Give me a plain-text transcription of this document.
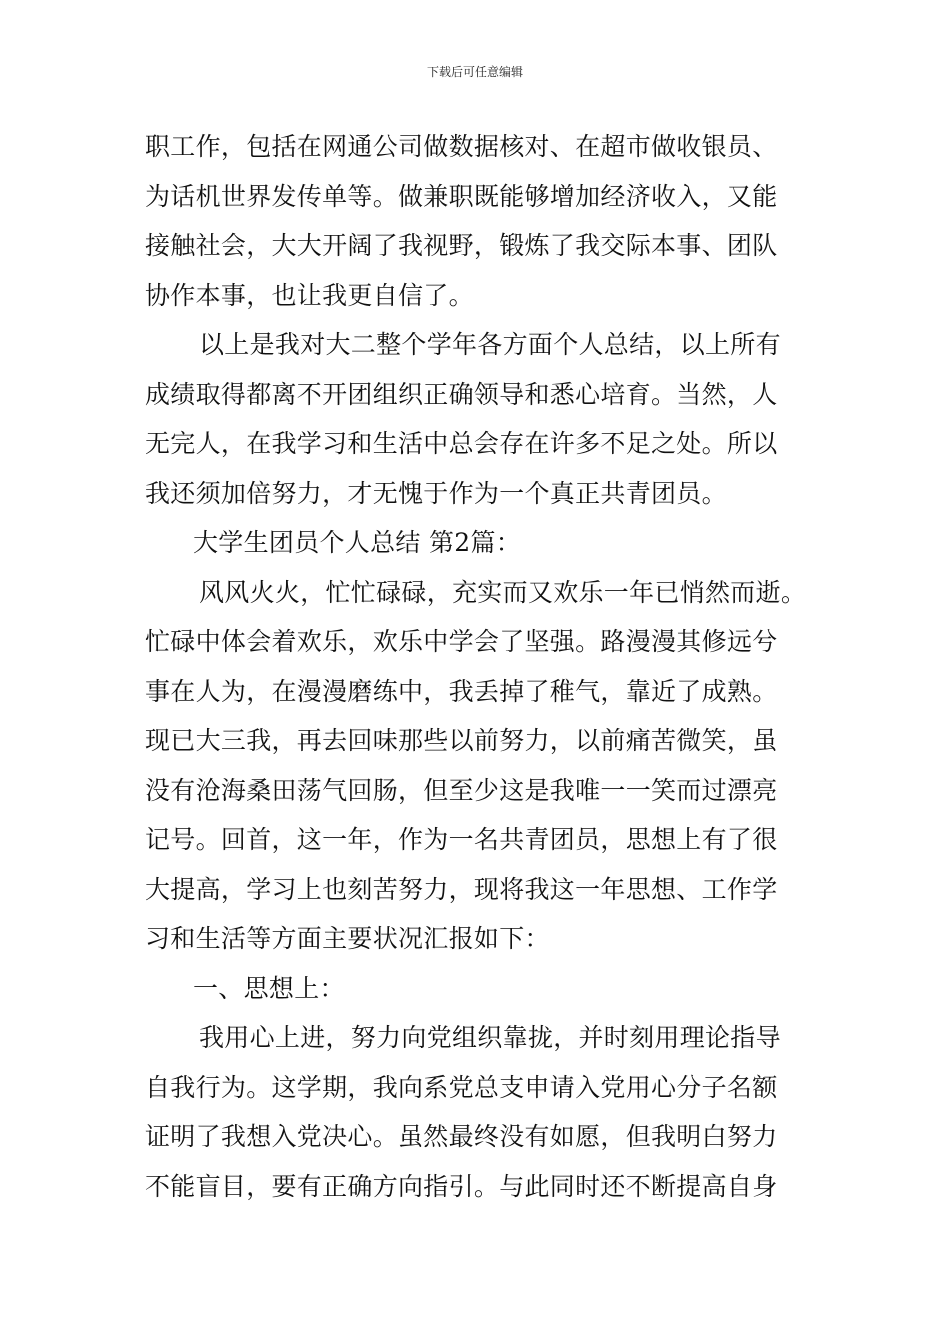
下载后可任意编辑
职工作，包括在网通公司做数据核对、在超市做收银员、
为话机世界发传单等。做兼职既能够增加经济收入，又能
接触社会，大大开阔了我视野，锻炼了我交际本事、团队
协作本事，也让我更自信了。
以上是我对大二整个学年各方面个人总结，以上所有
成绩取得都离不开团组织正确领导和悉心培育。当然，人
无完人，在我学习和生活中总会存在许多不足之处。所以
我还须加倍努力，才无愧于作为一个真正共青团员。
大学生团员个人总结 第2篇：
风风火火，忙忙碌碌，充实而又欢乐一年已悄然而逝。
忙碌中体会着欢乐，欢乐中学会了坚强。路漫漫其修远兮
事在人为，在漫漫磨练中，我丢掉了稚气，靠近了成熟。
现已大三我，再去回味那些以前努力，以前痛苦微笑，虽
没有沧海桑田荡气回肠，但至少这是我唯一一笑而过漂亮
记号。回首，这一年，作为一名共青团员，思想上有了很
大提高，学习上也刻苦努力，现将我这一年思想、工作学
习和生活等方面主要状况汇报如下：
一、思想上：
我用心上进，努力向党组织靠拢，并时刻用理论指导
自我行为。这学期，我向系党总支申请入党用心分子名额
证明了我想入党决心。虽然最终没有如愿，但我明白努力
不能盲目，要有正确方向指引。与此同时还不断提高自身
